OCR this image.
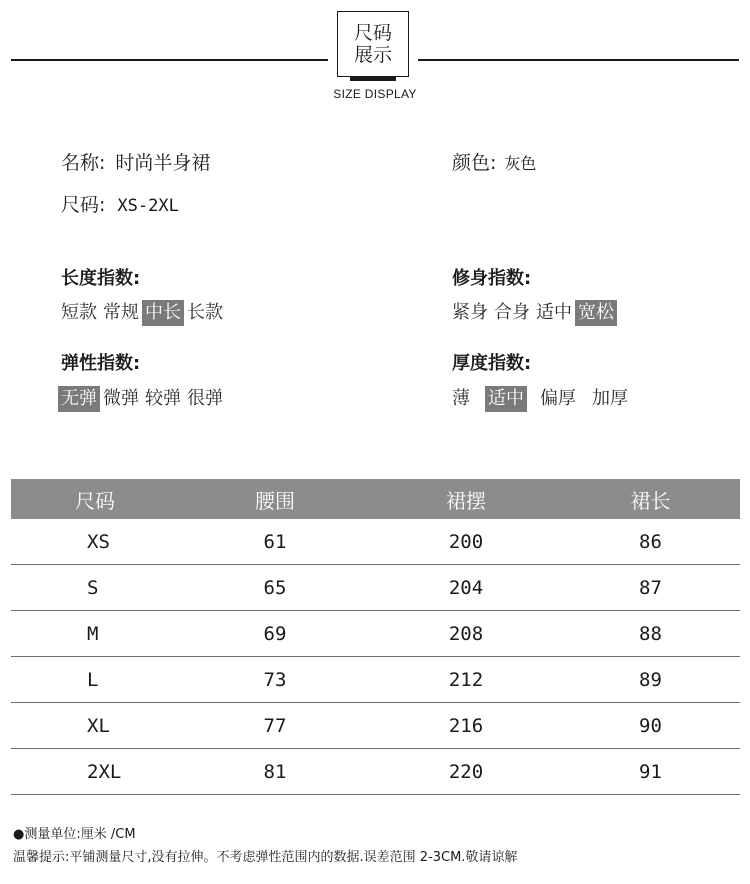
尺码
展示
SIZE DISPLAY
名称: 时尚半身裙	颜色: 灰色
尺码: XS-2XL
长度指数:
短款 常规 中长 长款
修身指数:
紧身 合身 适中 宽松
弹性指数:
无弹 微弹 较弹 很弹
厚度指数:
薄 适中 偏厚 加厚
尺码	腰围	裙摆	裙长
XS	61	200	86
S	65	204	87
M	69	208	88
L	73	212	89
XL	77	216	90
2XL	81	220	91
●测量单位:厘米 /CM
温馨提示:平铺测量尺寸,没有拉伸。不考虑弹性范围内的数据.误差范围 2-3CM.敬请谅解
